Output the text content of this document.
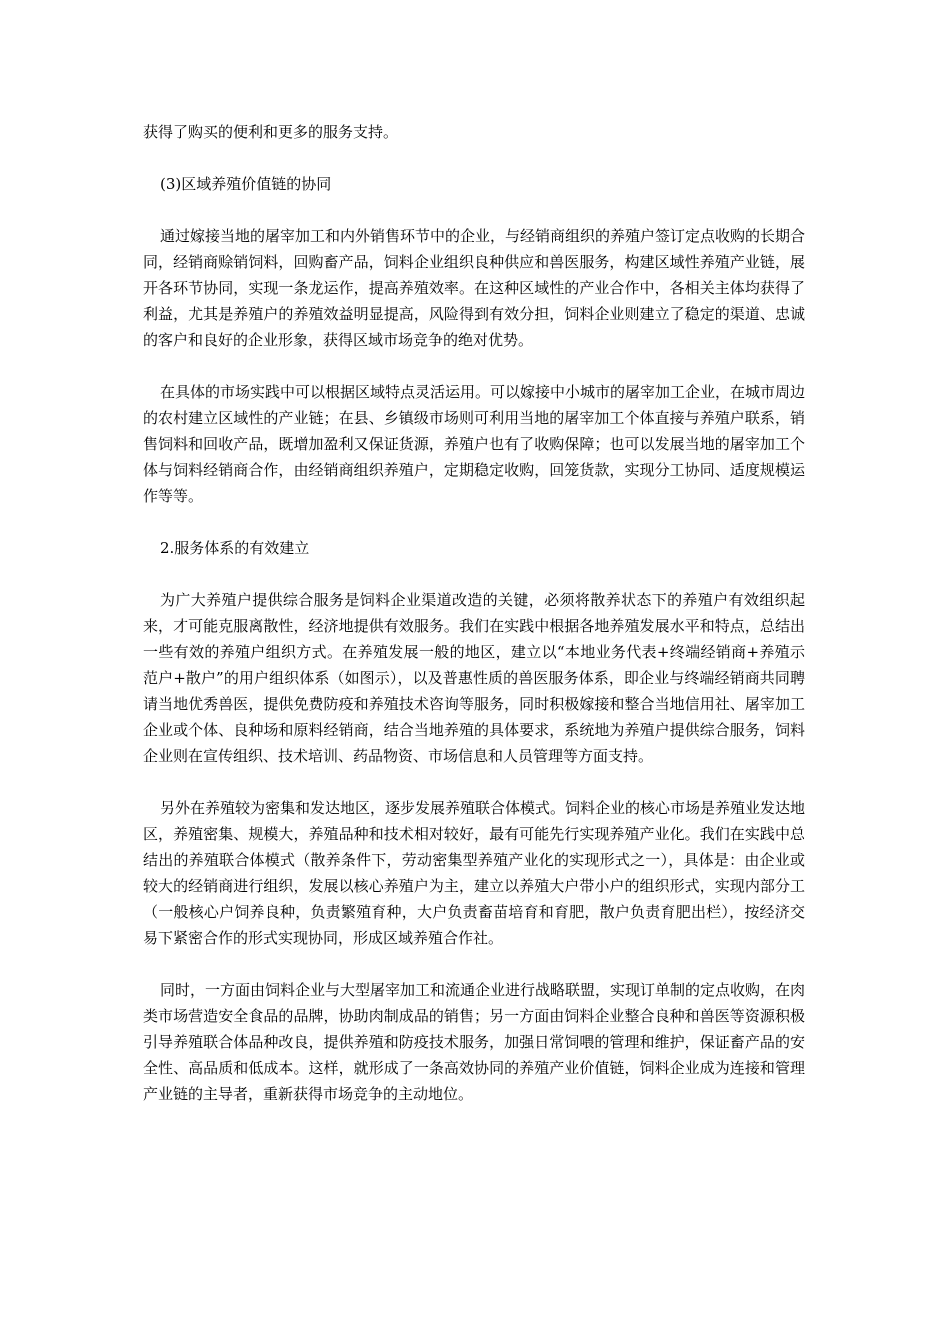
获得了购买的便利和更多的服务支持。

(3)区域养殖价值链的协同

通过嫁接当地的屠宰加工和内外销售环节中的企业，与经销商组织的养殖户签订定点收购的长期合同，经销商赊销饲料，回购畜产品，饲料企业组织良种供应和兽医服务，构建区域性养殖产业链，展开各环节协同，实现一条龙运作，提高养殖效率。在这种区域性的产业合作中，各相关主体均获得了利益，尤其是养殖户的养殖效益明显提高，风险得到有效分担，饲料企业则建立了稳定的渠道、忠诚的客户和良好的企业形象，获得区域市场竞争的绝对优势。

在具体的市场实践中可以根据区域特点灵活运用。可以嫁接中小城市的屠宰加工企业，在城市周边的农村建立区域性的产业链；在县、乡镇级市场则可利用当地的屠宰加工个体直接与养殖户联系，销售饲料和回收产品，既增加盈利又保证货源，养殖户也有了收购保障；也可以发展当地的屠宰加工个体与饲料经销商合作，由经销商组织养殖户，定期稳定收购，回笼货款，实现分工协同、适度规模运作等等。

2.服务体系的有效建立

为广大养殖户提供综合服务是饲料企业渠道改造的关键，必须将散养状态下的养殖户有效组织起来，才可能克服离散性，经济地提供有效服务。我们在实践中根据各地养殖发展水平和特点，总结出一些有效的养殖户组织方式。在养殖发展一般的地区，建立以“本地业务代表+终端经销商+养殖示范户+散户”的用户组织体系（如图示），以及普惠性质的兽医服务体系，即企业与终端经销商共同聘请当地优秀兽医，提供免费防疫和养殖技术咨询等服务，同时积极嫁接和整合当地信用社、屠宰加工企业或个体、良种场和原料经销商，结合当地养殖的具体要求，系统地为养殖户提供综合服务，饲料企业则在宣传组织、技术培训、药品物资、市场信息和人员管理等方面支持。

另外在养殖较为密集和发达地区，逐步发展养殖联合体模式。饲料企业的核心市场是养殖业发达地区，养殖密集、规模大，养殖品种和技术相对较好，最有可能先行实现养殖产业化。我们在实践中总结出的养殖联合体模式（散养条件下，劳动密集型养殖产业化的实现形式之一），具体是：由企业或较大的经销商进行组织，发展以核心养殖户为主，建立以养殖大户带小户的组织形式，实现内部分工（一般核心户饲养良种，负责繁殖育种，大户负责畜苗培育和育肥，散户负责育肥出栏），按经济交易下紧密合作的形式实现协同，形成区域养殖合作社。

同时，一方面由饲料企业与大型屠宰加工和流通企业进行战略联盟，实现订单制的定点收购，在肉类市场营造安全食品的品牌，协助肉制成品的销售；另一方面由饲料企业整合良种和兽医等资源积极引导养殖联合体品种改良，提供养殖和防疫技术服务，加强日常饲喂的管理和维护，保证畜产品的安全性、高品质和低成本。这样，就形成了一条高效协同的养殖产业价值链，饲料企业成为连接和管理产业链的主导者，重新获得市场竞争的主动地位。
